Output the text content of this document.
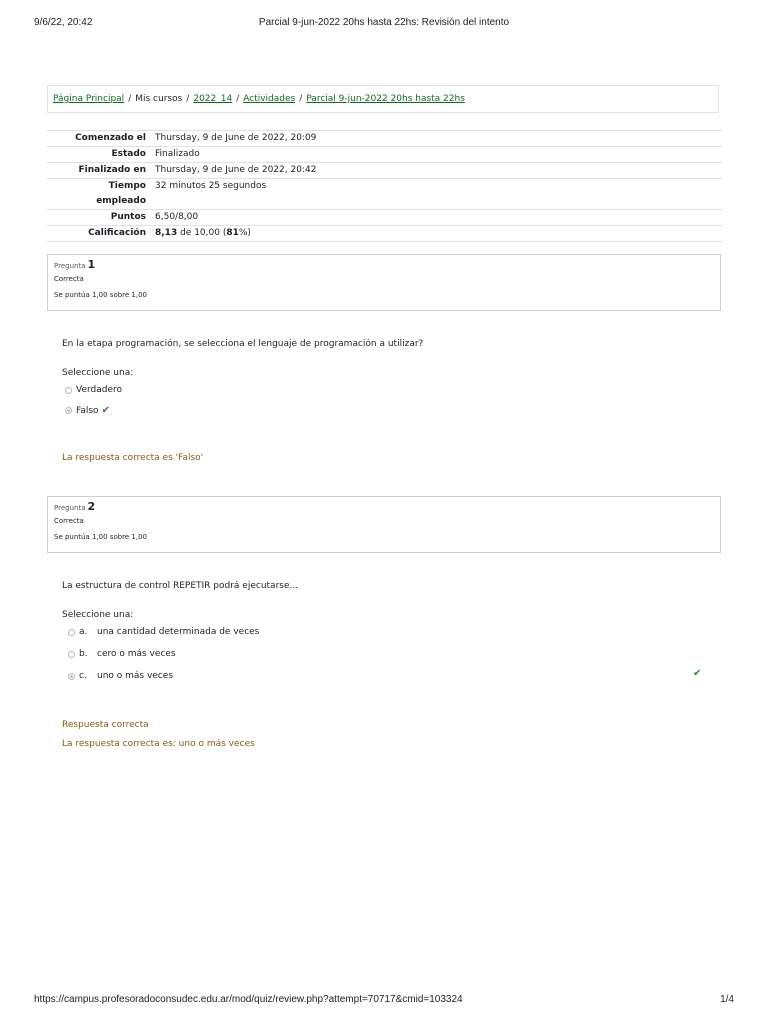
9/6/22, 20:42	Parcial 9-jun-2022 20hs hasta 22hs: Revisión del intento
Página Principal / Mis cursos / 2022_14 / Actividades / Parcial 9-jun-2022 20hs hasta 22hs
Comenzado el	Thursday, 9 de June de 2022, 20:09
Estado	Finalizado
Finalizado en	Thursday, 9 de June de 2022, 20:42
Tiempo
empleado	32 minutos 25 segundos
Puntos	6,50/8,00
Calificación	8,13 de 10,00 (81%)
Pregunta 1
Correcta
Se puntúa 1,00 sobre 1,00
En la etapa programación, se selecciona el lenguaje de programación a utilizar?
Seleccione una:
Verdadero
Falso ✔
La respuesta correcta es 'Falso'
Pregunta 2
Correcta
Se puntúa 1,00 sobre 1,00
La estructura de control REPETIR podrá ejecutarse...
Seleccione una:
a.	una cantidad determinada de veces
b.	cero o más veces
c.	uno o más veces	✔
Respuesta correcta
La respuesta correcta es: uno o más veces
https://campus.profesoradoconsudec.edu.ar/mod/quiz/review.php?attempt=70717&cmid=103324	1/4
